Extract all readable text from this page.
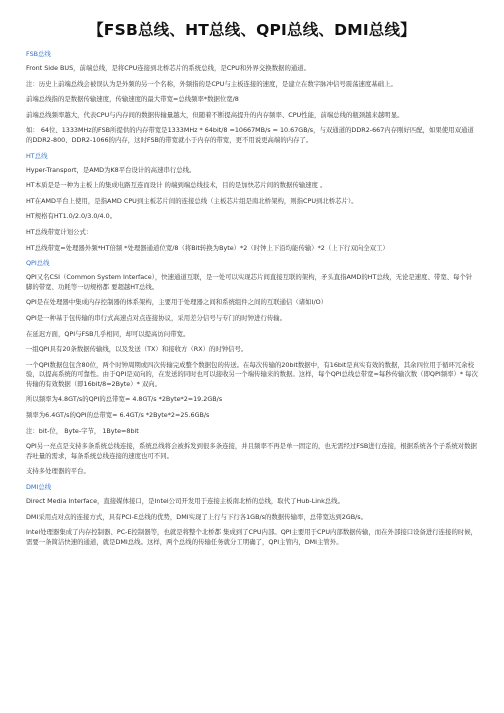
【FSB总线、HT总线、QPI总线、DMI总线】
FSB总线
Front Side BUS，前端总线，是将CPU连接到北桥芯片的系统总线，是CPU和外界交换数据的通道。
注：历史上前端总线会被误认为是外频的另一个名称，外频指的是CPU与主板连接的速度，是建立在数字脉冲信号震荡速度基础上。
前端总线指的是数据传输速度，传输速度的最大带宽=总线频率*数据位宽/8
前端总线频率越大，代表CPU与内存间的数据传输量越大，但随着不断提高提升的内存频率、CPU性能，前端总线的瓶颈越来越明显。
如： 64位、1333MHz的FSB所提供的内存带宽是1333MHz * 64bit/8 =10667MB/s = 10.67GB/s，与双通道的DDR2-667内存刚好匹配，如果使用双通道的DDR2-800、DDR2-1066的内存，这时FSB的带宽就小于内存的带宽，更不用说更高端的内存了。
HT总线
Hyper-Transport，是AMD为K8平台设计的高速串行总线。
HT本质是是一种为主板上的集成电路互连而设计 的端到端总线技术，目的是加快芯片间的数据传输速度 。
HT在AMD平台上使用，是指AMD CPU到主板芯片间的连接总线（主板芯片组是南北桥架构，则指CPU到北桥芯片）。
HT规格有HT1.0/2.0/3.0/4.0。
HT总线带宽计划公式：
HT总线带宽=处理器外频*HT倍频 *处理器通道位宽/8（将Bit转换为Byte）*2（时钟上下沿均能传输）*2（上下行双向全双工）
QPI总线
QPI又名CSI（Common System Interface），快速通道互联，是一处可以实现芯片间直接互联的架构，矛头直指AMD的HT总线，无论是速度、带宽、每个针脚的带宽、功耗等一切规格都 要超越HT总线。
QPI是在处理器中集成内存控制器的体系架构，主要用于处理器之间和系统组件之间的互联通信（诸如I/O）
QPI是一种基于包传输的串行式高速点对点连接协议，采用差分信号与专门的时钟进行传输。
在延迟方面，QPI与FSB几乎相同，却可以提高访问带宽。
一组QPI具有20条数据传输线，以及发送（TX）和接收方（RX）的时钟信号。
一个QPI数据包包含80位，两个时钟周期或四次传输完成整个数据包的传送。在每次传输的20bit数据中，有16bit是真实有效的数据，其余四位用于循环冗余校验，以提高系统的可靠性。由于QPI是双向的，在发送的同时也可以接收另一个端传输来的数据。这样，每个QPI总线总带宽=每秒传输次数（即QPI频率）* 每次传输的有效数据（即16bit/8=2Byte）* 双向。
所以频率为4.8GT/s的QPI的总带宽= 4.8GT/s *2Byte*2=19.2GB/s
频率为6.4GT/s的QPI的总带宽= 6.4GT/s *2Byte*2=25.6GB/s
注：bit-位， Byte-字节， 1Byte=8bit
QPI另一亮点是支持多条系统总线连接，系统总线将会被拆发到很多条连接，并且频率不再是单一固定的，也无需经过FSB进行连接，根据系统各个子系统对数据吞吐量的需求，每条系统总线连接的速度也可不同。
支持多处理器的平台。
DMI总线
Direct Media Interface，直接媒体接口，是Intel公司开发用于连接主板南北桥的总线，取代了Hub-Link总线。
DMI采用点对点的连接方式，具有PCI-E总线的优势，DMI实现了上行与下行各1GB/s的数据传输率，总带宽达到2GB/s。
Intel处理器集成了内存控制器、PC-E控制器等，也就是将整个北桥都 集成到了CPU内部。QPI主要用于CPU内部数据传输，而在外部接口设备进行连接的时候，需要一条简洁快速的通道，就是DMI总线。这样，两个总线的传输任务就分工明确了，QPI主管内，DMI主管外。
